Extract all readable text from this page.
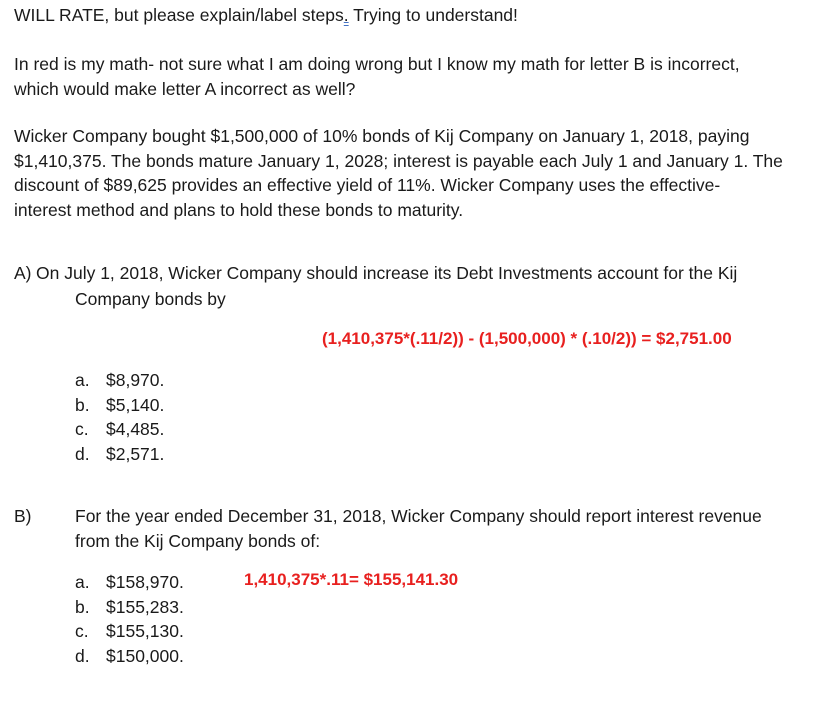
WILL RATE, but please explain/label steps. Trying to understand!
In red is my math- not sure what I am doing wrong but I know my math for letter B is incorrect,
which would make letter A incorrect as well?
Wicker Company bought $1,500,000 of 10% bonds of Kij Company on January 1, 2018, paying
$1,410,375. The bonds mature January 1, 2028; interest is payable each July 1 and January 1. The
discount of $89,625 provides an effective yield of 11%. Wicker Company uses the effective-
interest method and plans to hold these bonds to maturity.
A) On July 1, 2018, Wicker Company should increase its Debt Investments account for the Kij
Company bonds by
(1,410,375*(.11/2)) - (1,500,000) * (.10/2)) = $2,751.00
a. $8,970.
b. $5,140.
c. $4,485.
d. $2,571.
B) For the year ended December 31, 2018, Wicker Company should report interest revenue
from the Kij Company bonds of:
a. $158,970.
b. $155,283.
c. $155,130.
d. $150,000.
1,410,375*.11= $155,141.30
